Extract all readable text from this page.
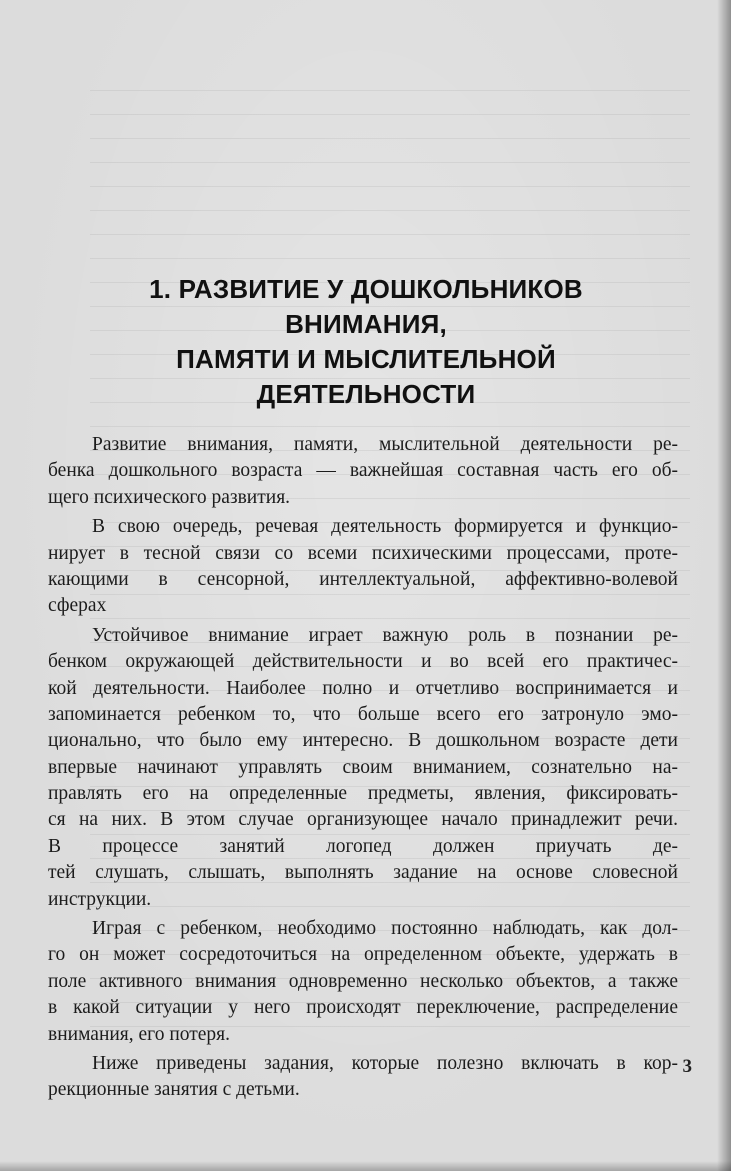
1. РАЗВИТИЕ У ДОШКОЛЬНИКОВ
ВНИМАНИЯ,
ПАМЯТИ И МЫСЛИТЕЛЬНОЙ
ДЕЯТЕЛЬНОСТИ
Развитие внимания, памяти, мыслительной деятельности ре-
бенка дошкольного возраста — важнейшая составная часть его об-
щего психического развития.
В свою очередь, речевая деятельность формируется и функцио-
нирует в тесной связи со всеми психическими процессами, проте-
кающими в сенсорной, интеллектуальной, аффективно-волевой
сферах
Устойчивое внимание играет важную роль в познании ре-
бенком окружающей действительности и во всей его практичес-
кой деятельности. Наиболее полно и отчетливо воспринимается и
запоминается ребенком то, что больше всего его затронуло эмо-
ционально, что было ему интересно. В дошкольном возрасте дети
впервые начинают управлять своим вниманием, сознательно на-
правлять его на определенные предметы, явления, фиксировать-
ся на них. В этом случае организующее начало принадлежит речи.
В процессе занятий логопед должен приучать де-
тей слушать, слышать, выполнять задание на основе словесной
инструкции.
Играя с ребенком, необходимо постоянно наблюдать, как дол-
го он может сосредоточиться на определенном объекте, удержать в
поле активного внимания одновременно несколько объектов, а также
в какой ситуации у него происходят переключение, распределение
внимания, его потеря.
Ниже приведены задания, которые полезно включать в кор-
рекционные занятия с детьми.
3
